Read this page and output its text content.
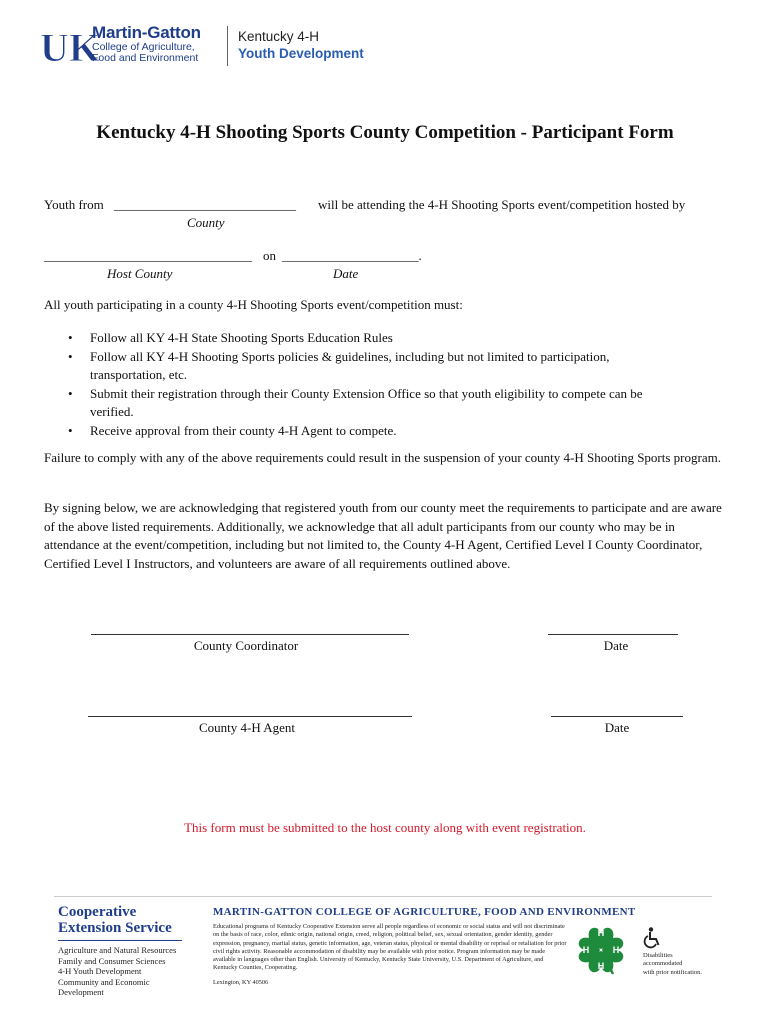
UK
Martin-Gatton
College of Agriculture,
Food and Environment
Kentucky 4-H
Youth Development
Kentucky 4-H Shooting Sports County Competition - Participant Form
Youth from ____________________________ will be attending the 4-H Shooting Sports event/competition hosted by
County
________________________________ on _____________________.
Host County	Date
All youth participating in a county 4-H Shooting Sports event/competition must:
• Follow all KY 4-H State Shooting Sports Education Rules
• Follow all KY 4-H Shooting Sports policies & guidelines, including but not limited to participation, transportation, etc.
• Submit their registration through their County Extension Office so that youth eligibility to compete can be verified.
• Receive approval from their county 4-H Agent to compete.
Failure to comply with any of the above requirements could result in the suspension of your county 4-H Shooting Sports program.
By signing below, we are acknowledging that registered youth from our county meet the requirements to participate and are aware of the above listed requirements. Additionally, we acknowledge that all adult participants from our county who may be in attendance at the event/competition, including but not limited to, the County 4-H Agent, Certified Level I County Coordinator, Certified Level I Instructors, and volunteers are aware of all requirements outlined above.
County Coordinator	Date
County 4-H Agent	Date
This form must be submitted to the host county along with event registration.
Cooperative
Extension Service
Agriculture and Natural Resources
Family and Consumer Sciences
4-H Youth Development
Community and Economic Development
MARTIN-GATTON COLLEGE OF AGRICULTURE, FOOD AND ENVIRONMENT
Educational programs of Kentucky Cooperative Extension serve all people regardless of economic or social status and will not discriminate on the basis of race, color, ethnic origin, national origin, creed, religion, political belief, sex, sexual orientation, gender identity, gender expression, pregnancy, marital status, genetic information, age, veteran status, physical or mental disability or reprisal or retaliation for prior civil rights activity. Reasonable accommodation of disability may be available with prior notice. Program information may be made available in languages other than English. University of Kentucky, Kentucky State University, U.S. Department of Agriculture, and Kentucky Counties, Cooperating.
Lexington, KY 40506
H
H
H
H
Disabilities
accommodated
with prior notification.
